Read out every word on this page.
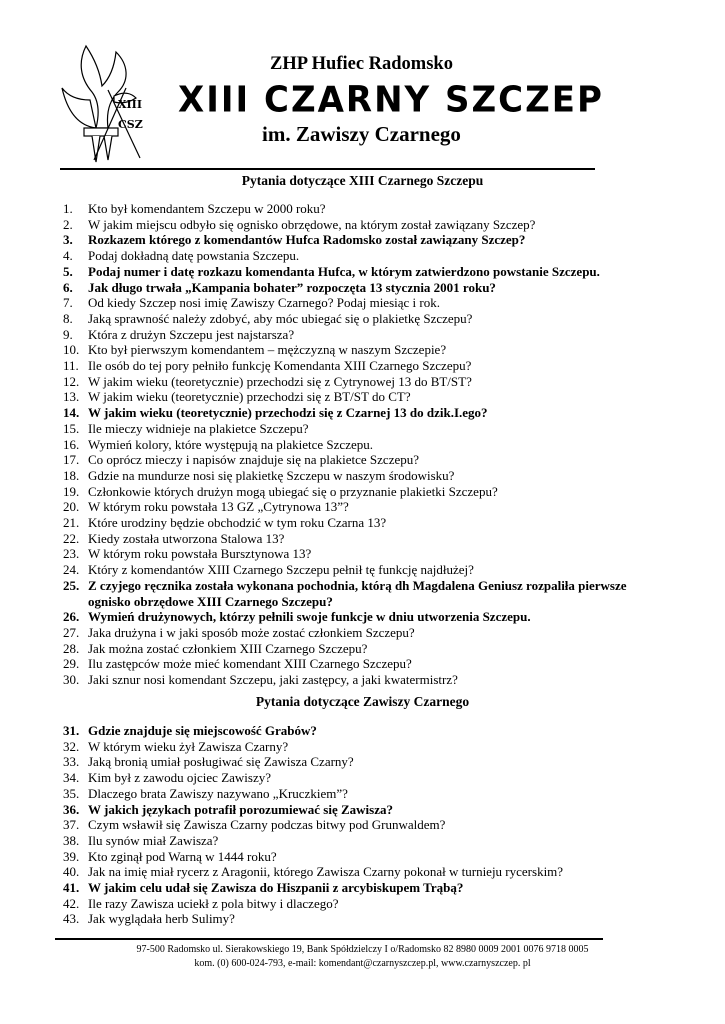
XIII
CSZ
ZHP Hufiec Radomsko
XIII CZARNY SZCZEP
im. Zawiszy Czarnego
Pytania dotyczące XIII Czarnego Szczepu
1. Kto był komendantem Szczepu w 2000 roku?
2. W jakim miejscu odbyło się ognisko obrzędowe, na którym został zawiązany Szczep?
3. Rozkazem którego z komendantów Hufca Radomsko został zawiązany Szczep?
4. Podaj dokładną datę powstania Szczepu.
5. Podaj numer i datę rozkazu komendanta Hufca, w którym zatwierdzono powstanie Szczepu.
6. Jak długo trwała „Kampania bohater” rozpoczęta 13 stycznia 2001 roku?
7. Od kiedy Szczep nosi imię Zawiszy Czarnego? Podaj miesiąc i rok.
8. Jaką sprawność należy zdobyć, aby móc ubiegać się o plakietkę Szczepu?
9. Która z drużyn Szczepu jest najstarsza?
10. Kto był pierwszym komendantem – mężczyzną w naszym Szczepie?
11. Ile osób do tej pory pełniło funkcję Komendanta XIII Czarnego Szczepu?
12. W jakim wieku (teoretycznie) przechodzi się z Cytrynowej 13 do BT/ST?
13. W jakim wieku (teoretycznie) przechodzi się z BT/ST do CT?
14. W jakim wieku (teoretycznie) przechodzi się z Czarnej 13 do dzik.I.ego?
15. Ile mieczy widnieje na plakietce Szczepu?
16. Wymień kolory, które występują na plakietce Szczepu.
17. Co oprócz mieczy i napisów znajduje się na plakietce Szczepu?
18. Gdzie na mundurze nosi się plakietkę Szczepu w naszym środowisku?
19. Członkowie których drużyn mogą ubiegać się o przyznanie plakietki Szczepu?
20. W którym roku powstała 13 GZ „Cytrynowa 13”?
21. Które urodziny będzie obchodzić w tym roku Czarna 13?
22. Kiedy została utworzona Stalowa 13?
23. W którym roku powstała Bursztynowa 13?
24. Który z komendantów XIII Czarnego Szczepu pełnił tę funkcję najdłużej?
25. Z czyjego ręcznika została wykonana pochodnia, którą dh Magdalena Geniusz rozpaliła pierwsze ognisko obrzędowe XIII Czarnego Szczepu?
26. Wymień drużynowych, którzy pełnili swoje funkcje w dniu utworzenia Szczepu.
27. Jaka drużyna i w jaki sposób może zostać członkiem Szczepu?
28. Jak można zostać członkiem XIII Czarnego Szczepu?
29. Ilu zastępców może mieć komendant XIII Czarnego Szczepu?
30. Jaki sznur nosi komendant Szczepu, jaki zastępcy, a jaki kwatermistrz?
Pytania dotyczące Zawiszy Czarnego
31. Gdzie znajduje się miejscowość Grabów?
32. W którym wieku żył Zawisza Czarny?
33. Jaką bronią umiał posługiwać się Zawisza Czarny?
34. Kim był z zawodu ojciec Zawiszy?
35. Dlaczego brata Zawiszy nazywano „Kruczkiem”?
36. W jakich językach potrafił porozumiewać się Zawisza?
37. Czym wsławił się Zawisza Czarny podczas bitwy pod Grunwaldem?
38. Ilu synów miał Zawisza?
39. Kto zginął pod Warną w 1444 roku?
40. Jak na imię miał rycerz z Aragonii, którego Zawisza Czarny pokonał w turnieju rycerskim?
41. W jakim celu udał się Zawisza do Hiszpanii z arcybiskupem Trąbą?
42. Ile razy Zawisza uciekł z pola bitwy i dlaczego?
43. Jak wyglądała herb Sulimy?
97-500 Radomsko ul. Sierakowskiego 19, Bank Spółdzielczy I o/Radomsko 82 8980 0009 2001 0076 9718 0005
kom. (0) 600-024-793, e-mail: komendant@czarnyszczep.pl, www.czarnyszczep. pl
